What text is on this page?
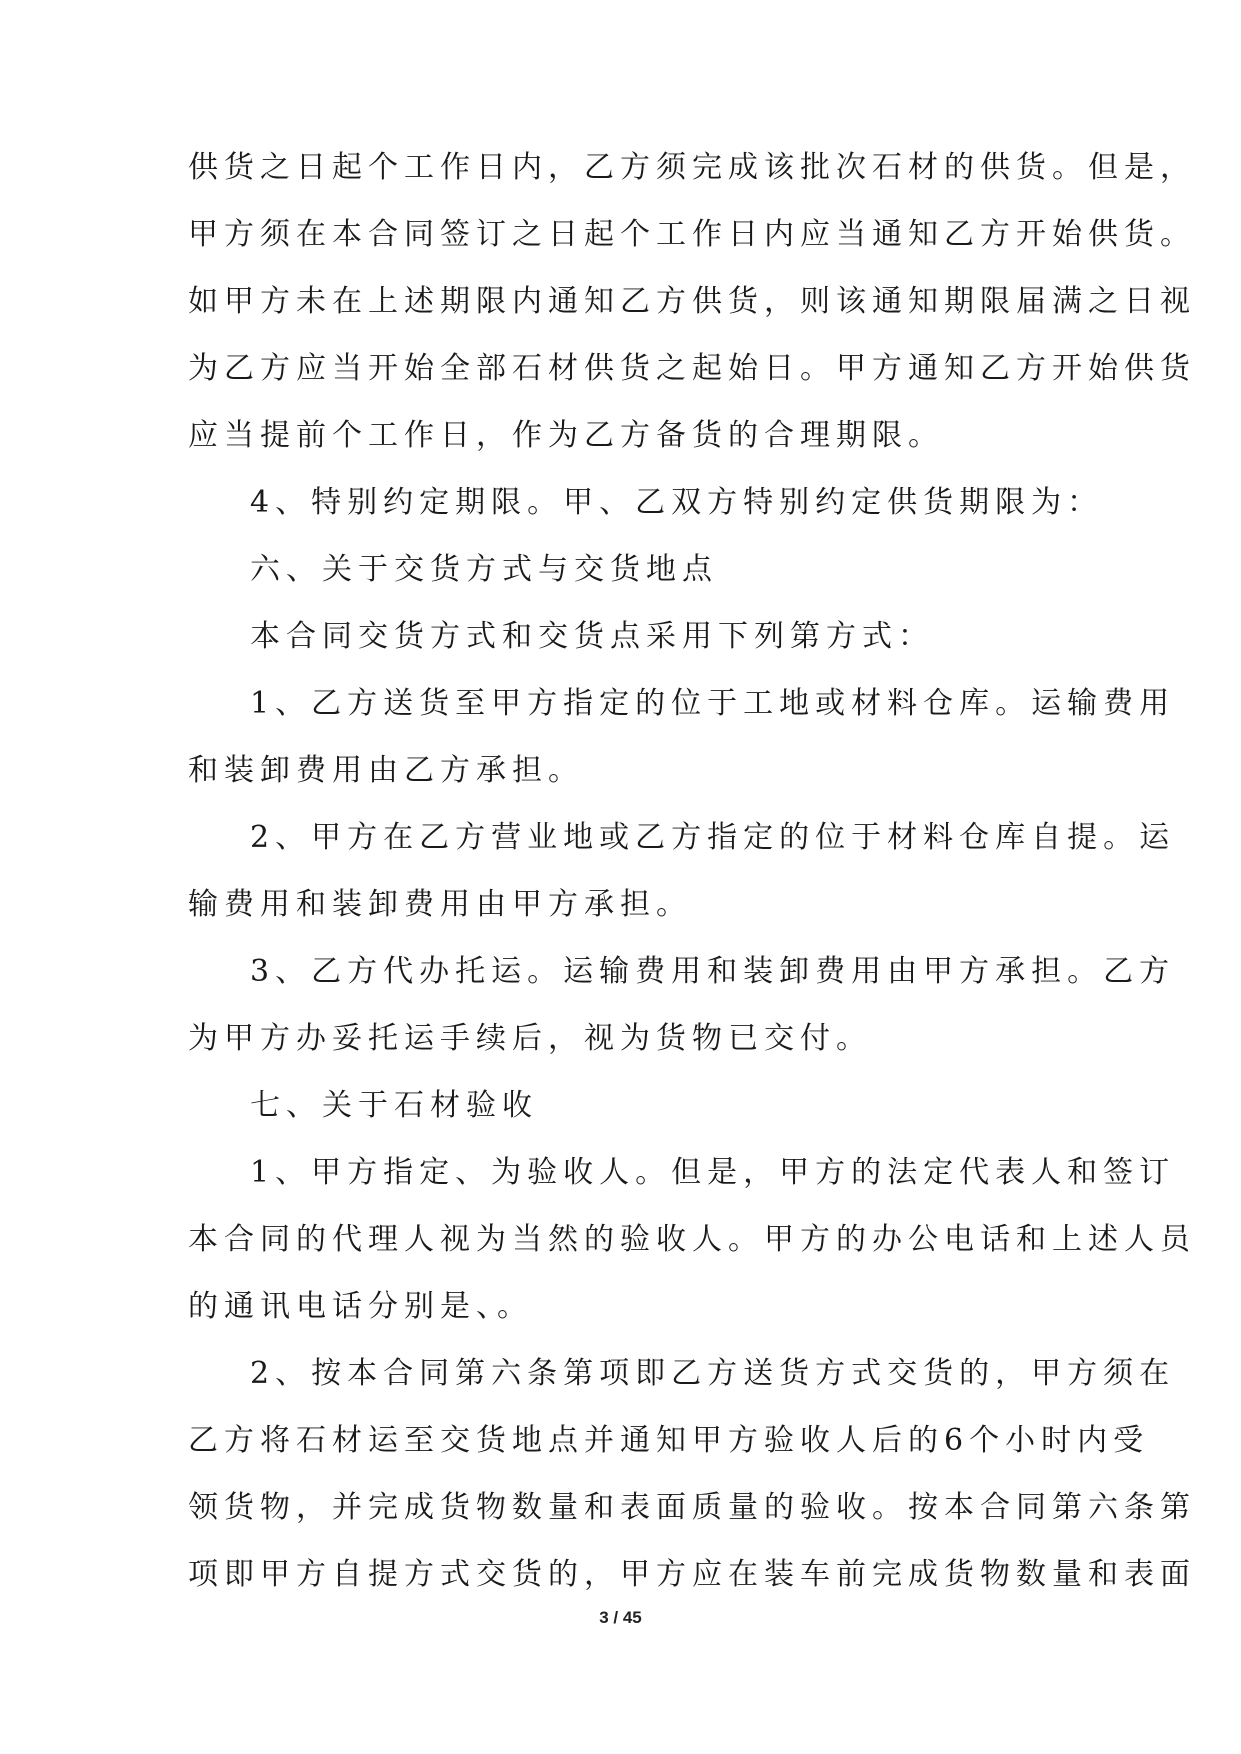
供货之日起个工作日内，乙方须完成该批次石材的供货。但是，

甲方须在本合同签订之日起个工作日内应当通知乙方开始供货。

如甲方未在上述期限内通知乙方供货，则该通知期限届满之日视

为乙方应当开始全部石材供货之起始日。甲方通知乙方开始供货

应当提前个工作日，作为乙方备货的合理期限。

4、特别约定期限。甲、乙双方特别约定供货期限为：

六、关于交货方式与交货地点

本合同交货方式和交货点采用下列第方式：

1、乙方送货至甲方指定的位于工地或材料仓库。运输费用

和装卸费用由乙方承担。

2、甲方在乙方营业地或乙方指定的位于材料仓库自提。运

输费用和装卸费用由甲方承担。

3、乙方代办托运。运输费用和装卸费用由甲方承担。乙方

为甲方办妥托运手续后，视为货物已交付。

七、关于石材验收

1、甲方指定、为验收人。但是，甲方的法定代表人和签订

本合同的代理人视为当然的验收人。甲方的办公电话和上述人员

的通讯电话分别是、。

2、按本合同第六条第项即乙方送货方式交货的，甲方须在

乙方将石材运至交货地点并通知甲方验收人后的6个小时内受

领货物，并完成货物数量和表面质量的验收。按本合同第六条第

项即甲方自提方式交货的，甲方应在装车前完成货物数量和表面

3 / 45
